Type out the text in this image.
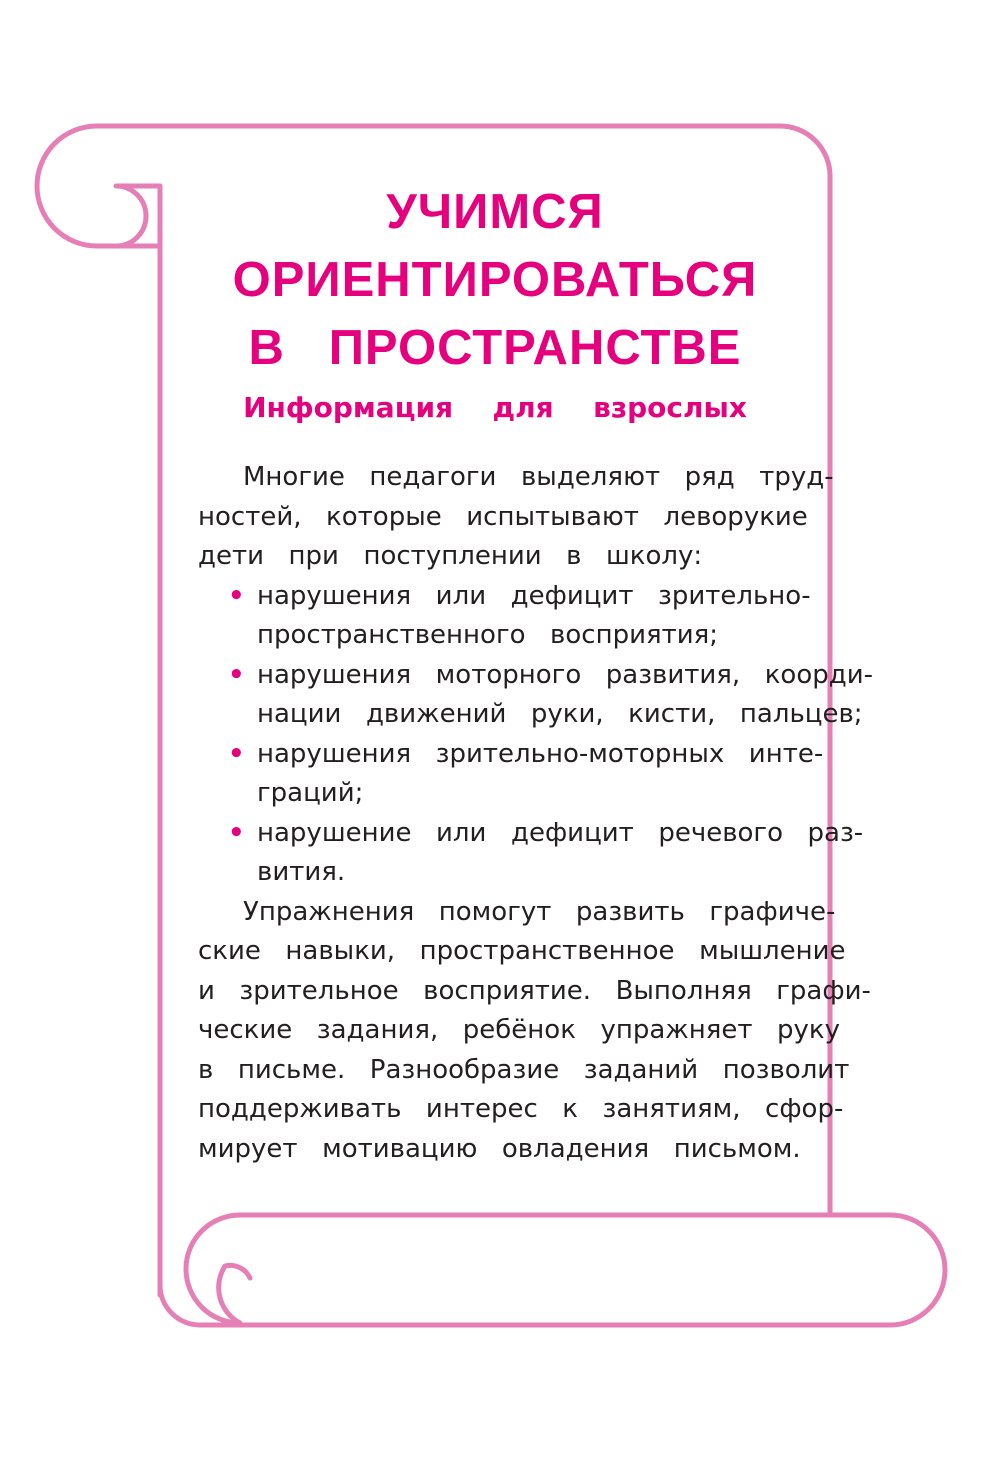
УЧИМСЯ
ОРИЕНТИРОВАТЬСЯ
В   ПРОСТРАНСТВЕ
Информация  для  взрослых
Многие  педагоги  выделяют  ряд  труд-
ностей,  которые  испытывают  леворукие
дети  при  поступлении  в  школу:
• нарушения  или  дефицит  зрительно-
пространственного  восприятия;
• нарушения  моторного  развития,  коорди-
нации  движений  руки,  кисти,  пальцев;
• нарушения  зрительно-моторных  инте-
граций;
• нарушение  или  дефицит  речевого  раз-
вития.
Упражнения  помогут  развить  графиче-
ские  навыки,  пространственное  мышление
и  зрительное  восприятие.  Выполняя  графи-
ческие  задания,  ребёнок  упражняет  руку
в  письме.  Разнообразие  заданий  позволит
поддерживать  интерес  к  занятиям,  сфор-
мирует  мотивацию  овладения  письмом.
